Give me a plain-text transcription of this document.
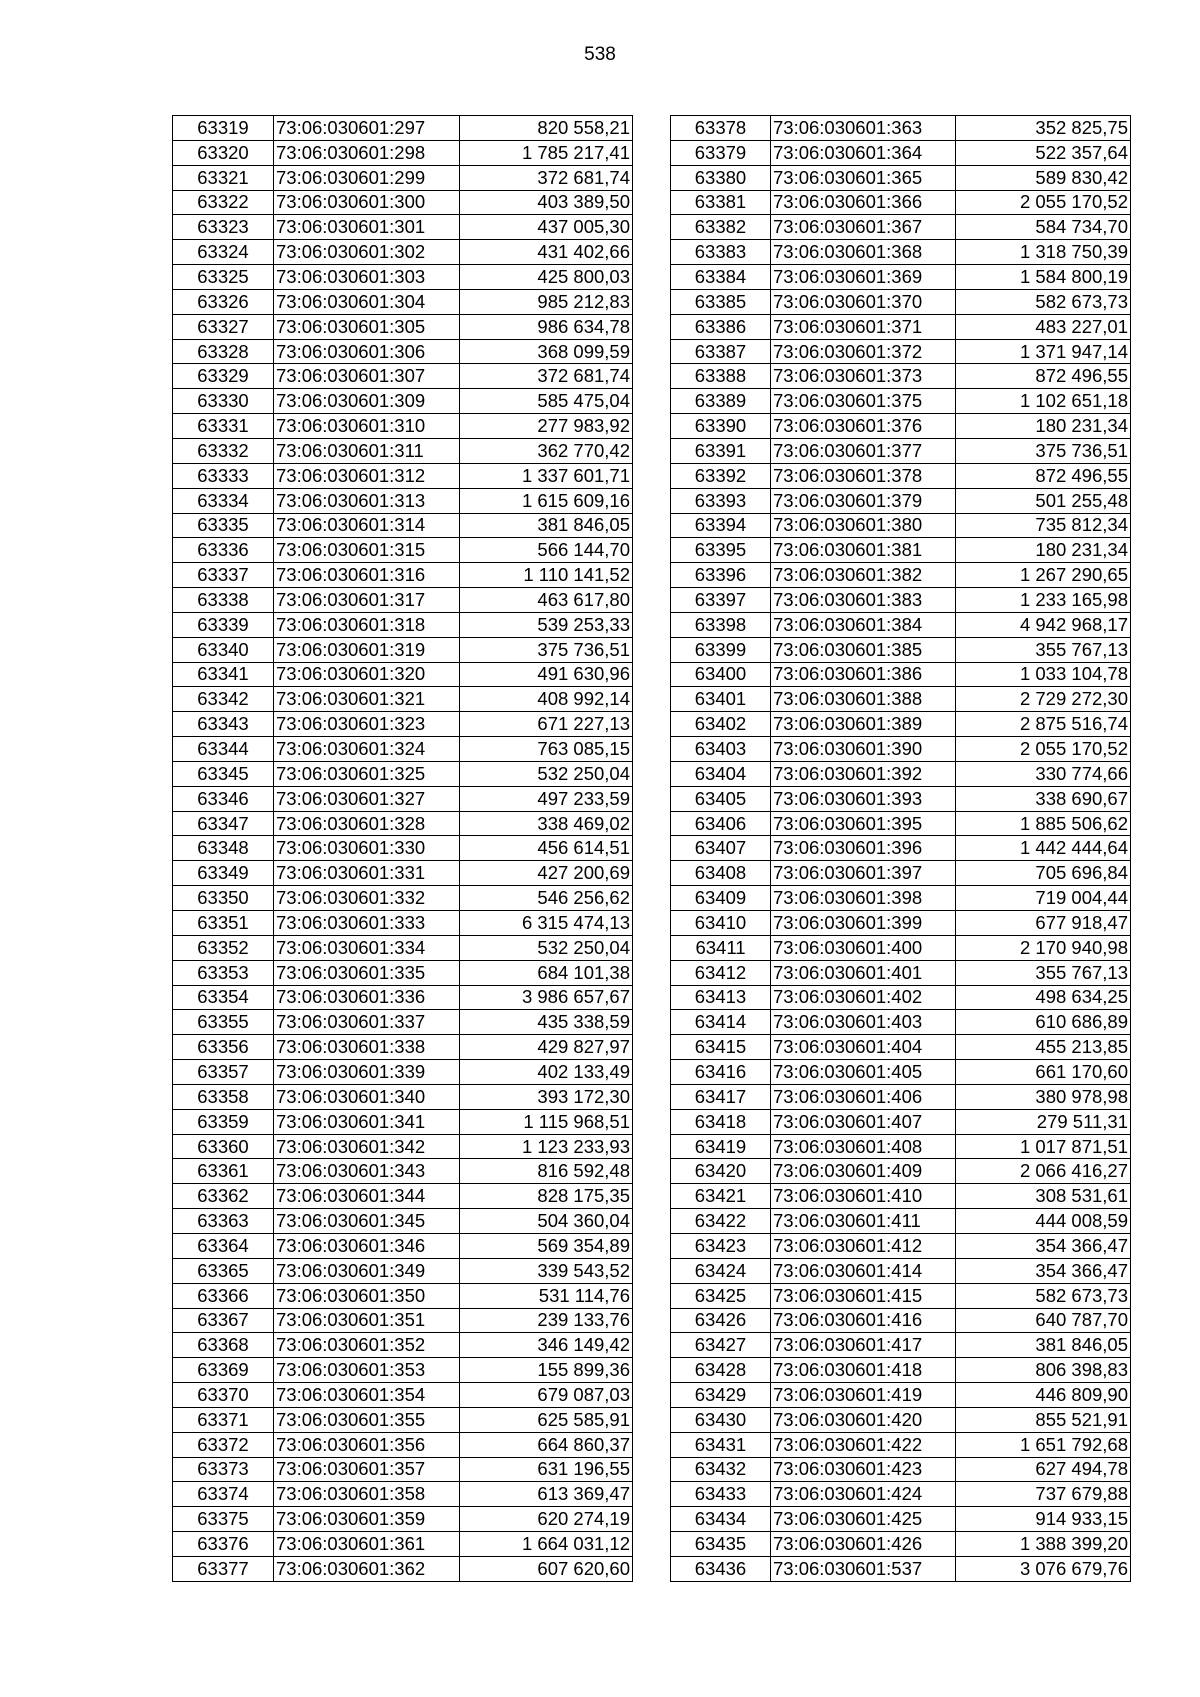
538
63319	73:06:030601:297	820 558,21
63320	73:06:030601:298	1 785 217,41
63321	73:06:030601:299	372 681,74
63322	73:06:030601:300	403 389,50
63323	73:06:030601:301	437 005,30
63324	73:06:030601:302	431 402,66
63325	73:06:030601:303	425 800,03
63326	73:06:030601:304	985 212,83
63327	73:06:030601:305	986 634,78
63328	73:06:030601:306	368 099,59
63329	73:06:030601:307	372 681,74
63330	73:06:030601:309	585 475,04
63331	73:06:030601:310	277 983,92
63332	73:06:030601:311	362 770,42
63333	73:06:030601:312	1 337 601,71
63334	73:06:030601:313	1 615 609,16
63335	73:06:030601:314	381 846,05
63336	73:06:030601:315	566 144,70
63337	73:06:030601:316	1 110 141,52
63338	73:06:030601:317	463 617,80
63339	73:06:030601:318	539 253,33
63340	73:06:030601:319	375 736,51
63341	73:06:030601:320	491 630,96
63342	73:06:030601:321	408 992,14
63343	73:06:030601:323	671 227,13
63344	73:06:030601:324	763 085,15
63345	73:06:030601:325	532 250,04
63346	73:06:030601:327	497 233,59
63347	73:06:030601:328	338 469,02
63348	73:06:030601:330	456 614,51
63349	73:06:030601:331	427 200,69
63350	73:06:030601:332	546 256,62
63351	73:06:030601:333	6 315 474,13
63352	73:06:030601:334	532 250,04
63353	73:06:030601:335	684 101,38
63354	73:06:030601:336	3 986 657,67
63355	73:06:030601:337	435 338,59
63356	73:06:030601:338	429 827,97
63357	73:06:030601:339	402 133,49
63358	73:06:030601:340	393 172,30
63359	73:06:030601:341	1 115 968,51
63360	73:06:030601:342	1 123 233,93
63361	73:06:030601:343	816 592,48
63362	73:06:030601:344	828 175,35
63363	73:06:030601:345	504 360,04
63364	73:06:030601:346	569 354,89
63365	73:06:030601:349	339 543,52
63366	73:06:030601:350	531 114,76
63367	73:06:030601:351	239 133,76
63368	73:06:030601:352	346 149,42
63369	73:06:030601:353	155 899,36
63370	73:06:030601:354	679 087,03
63371	73:06:030601:355	625 585,91
63372	73:06:030601:356	664 860,37
63373	73:06:030601:357	631 196,55
63374	73:06:030601:358	613 369,47
63375	73:06:030601:359	620 274,19
63376	73:06:030601:361	1 664 031,12
63377	73:06:030601:362	607 620,60
63378	73:06:030601:363	352 825,75
63379	73:06:030601:364	522 357,64
63380	73:06:030601:365	589 830,42
63381	73:06:030601:366	2 055 170,52
63382	73:06:030601:367	584 734,70
63383	73:06:030601:368	1 318 750,39
63384	73:06:030601:369	1 584 800,19
63385	73:06:030601:370	582 673,73
63386	73:06:030601:371	483 227,01
63387	73:06:030601:372	1 371 947,14
63388	73:06:030601:373	872 496,55
63389	73:06:030601:375	1 102 651,18
63390	73:06:030601:376	180 231,34
63391	73:06:030601:377	375 736,51
63392	73:06:030601:378	872 496,55
63393	73:06:030601:379	501 255,48
63394	73:06:030601:380	735 812,34
63395	73:06:030601:381	180 231,34
63396	73:06:030601:382	1 267 290,65
63397	73:06:030601:383	1 233 165,98
63398	73:06:030601:384	4 942 968,17
63399	73:06:030601:385	355 767,13
63400	73:06:030601:386	1 033 104,78
63401	73:06:030601:388	2 729 272,30
63402	73:06:030601:389	2 875 516,74
63403	73:06:030601:390	2 055 170,52
63404	73:06:030601:392	330 774,66
63405	73:06:030601:393	338 690,67
63406	73:06:030601:395	1 885 506,62
63407	73:06:030601:396	1 442 444,64
63408	73:06:030601:397	705 696,84
63409	73:06:030601:398	719 004,44
63410	73:06:030601:399	677 918,47
63411	73:06:030601:400	2 170 940,98
63412	73:06:030601:401	355 767,13
63413	73:06:030601:402	498 634,25
63414	73:06:030601:403	610 686,89
63415	73:06:030601:404	455 213,85
63416	73:06:030601:405	661 170,60
63417	73:06:030601:406	380 978,98
63418	73:06:030601:407	279 511,31
63419	73:06:030601:408	1 017 871,51
63420	73:06:030601:409	2 066 416,27
63421	73:06:030601:410	308 531,61
63422	73:06:030601:411	444 008,59
63423	73:06:030601:412	354 366,47
63424	73:06:030601:414	354 366,47
63425	73:06:030601:415	582 673,73
63426	73:06:030601:416	640 787,70
63427	73:06:030601:417	381 846,05
63428	73:06:030601:418	806 398,83
63429	73:06:030601:419	446 809,90
63430	73:06:030601:420	855 521,91
63431	73:06:030601:422	1 651 792,68
63432	73:06:030601:423	627 494,78
63433	73:06:030601:424	737 679,88
63434	73:06:030601:425	914 933,15
63435	73:06:030601:426	1 388 399,20
63436	73:06:030601:537	3 076 679,76
